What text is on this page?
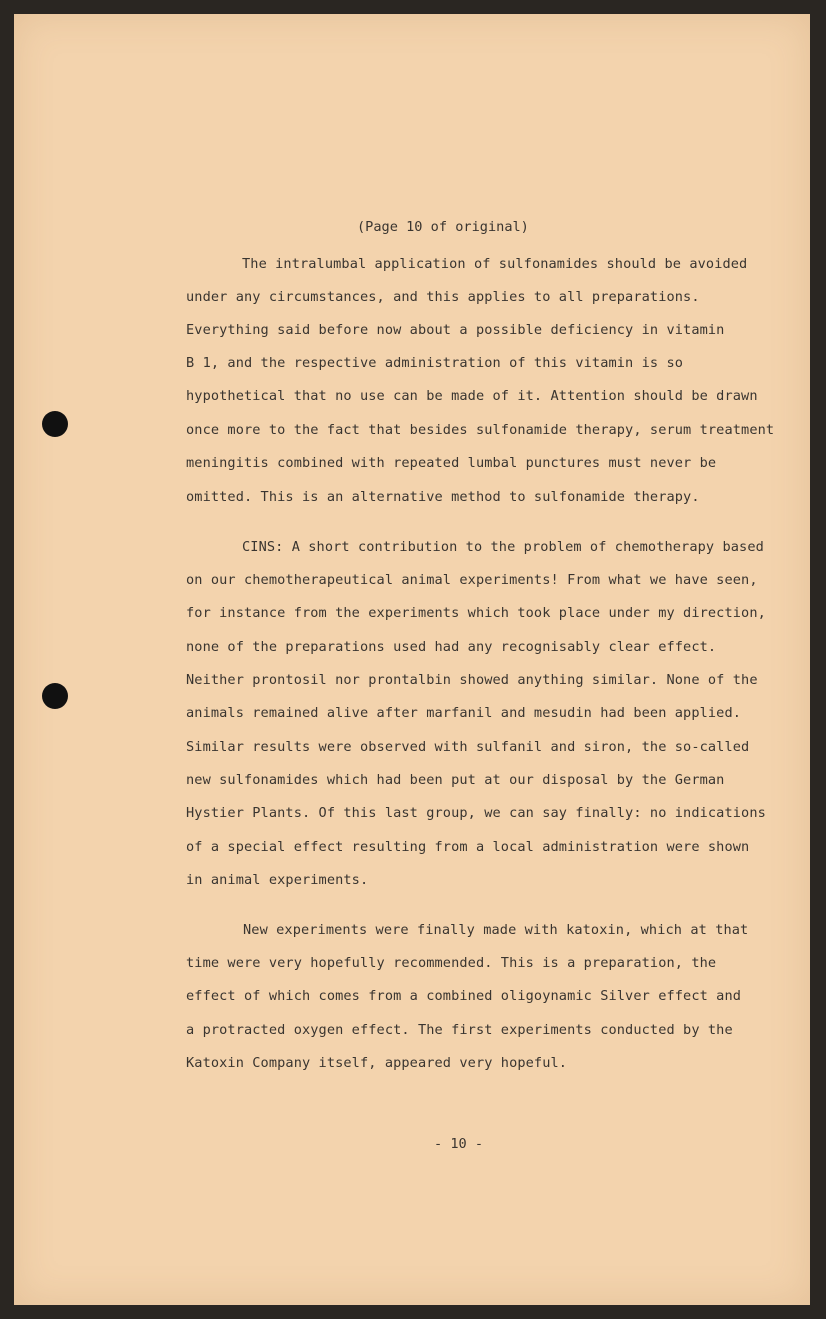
(Page 10 of original)
The intralumbal application of sulfonamides should be avoided
under any circumstances, and this applies to all preparations.
Everything said before now about a possible deficiency in vitamin
B 1, and the respective administration of this vitamin is so
hypothetical that no use can be made of it. Attention should be drawn
once more to the fact that besides sulfonamide therapy, serum treatment
meningitis combined with repeated lumbal punctures must never be
omitted. This is an alternative method to sulfonamide therapy.
CINS: A short contribution to the problem of chemotherapy based
on our chemotherapeutical animal experiments! From what we have seen,
for instance from the experiments which took place under my direction,
none of the preparations used had any recognisably clear effect.
Neither prontosil nor prontalbin showed anything similar. None of the
animals remained alive after marfanil and mesudin had been applied.
Similar results were observed with sulfanil and siron, the so-called
new sulfonamides which had been put at our disposal by the German
Hystier Plants. Of this last group, we can say finally: no indications
of a special effect resulting from a local administration were shown
in animal experiments.
New experiments were finally made with katoxin, which at that
time were very hopefully recommended. This is a preparation, the
effect of which comes from a combined oligoynamic Silver effect and
a protracted oxygen effect. The first experiments conducted by the
Katoxin Company itself, appeared very hopeful.
- 10 -
